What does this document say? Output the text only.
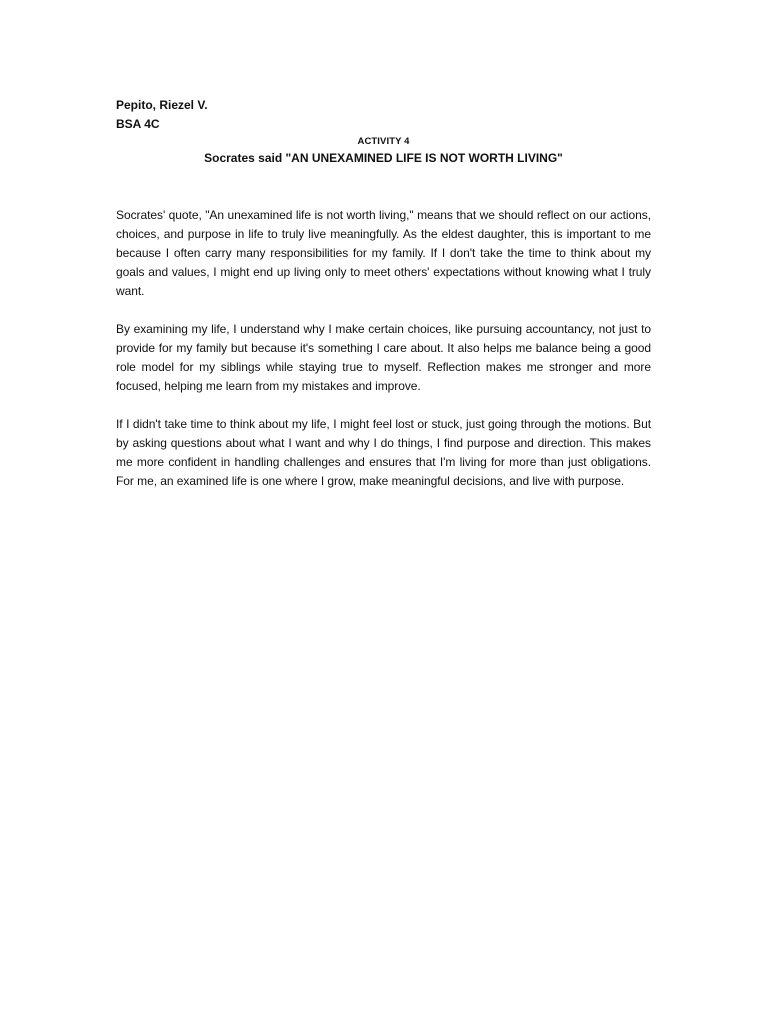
Pepito, Riezel V.

BSA 4C

ACTIVITY 4

Socrates said "AN UNEXAMINED LIFE IS NOT WORTH LIVING"

Socrates' quote, "An unexamined life is not worth living," means that we should reflect on our actions, choices, and purpose in life to truly live meaningfully. As the eldest daughter, this is important to me because I often carry many responsibilities for my family. If I don't take the time to think about my goals and values, I might end up living only to meet others' expectations without knowing what I truly want.

By examining my life, I understand why I make certain choices, like pursuing accountancy, not just to provide for my family but because it's something I care about. It also helps me balance being a good role model for my siblings while staying true to myself. Reflection makes me stronger and more focused, helping me learn from my mistakes and improve.

If I didn't take time to think about my life, I might feel lost or stuck, just going through the motions. But by asking questions about what I want and why I do things, I find purpose and direction. This makes me more confident in handling challenges and ensures that I'm living for more than just obligations. For me, an examined life is one where I grow, make meaningful decisions, and live with purpose.
